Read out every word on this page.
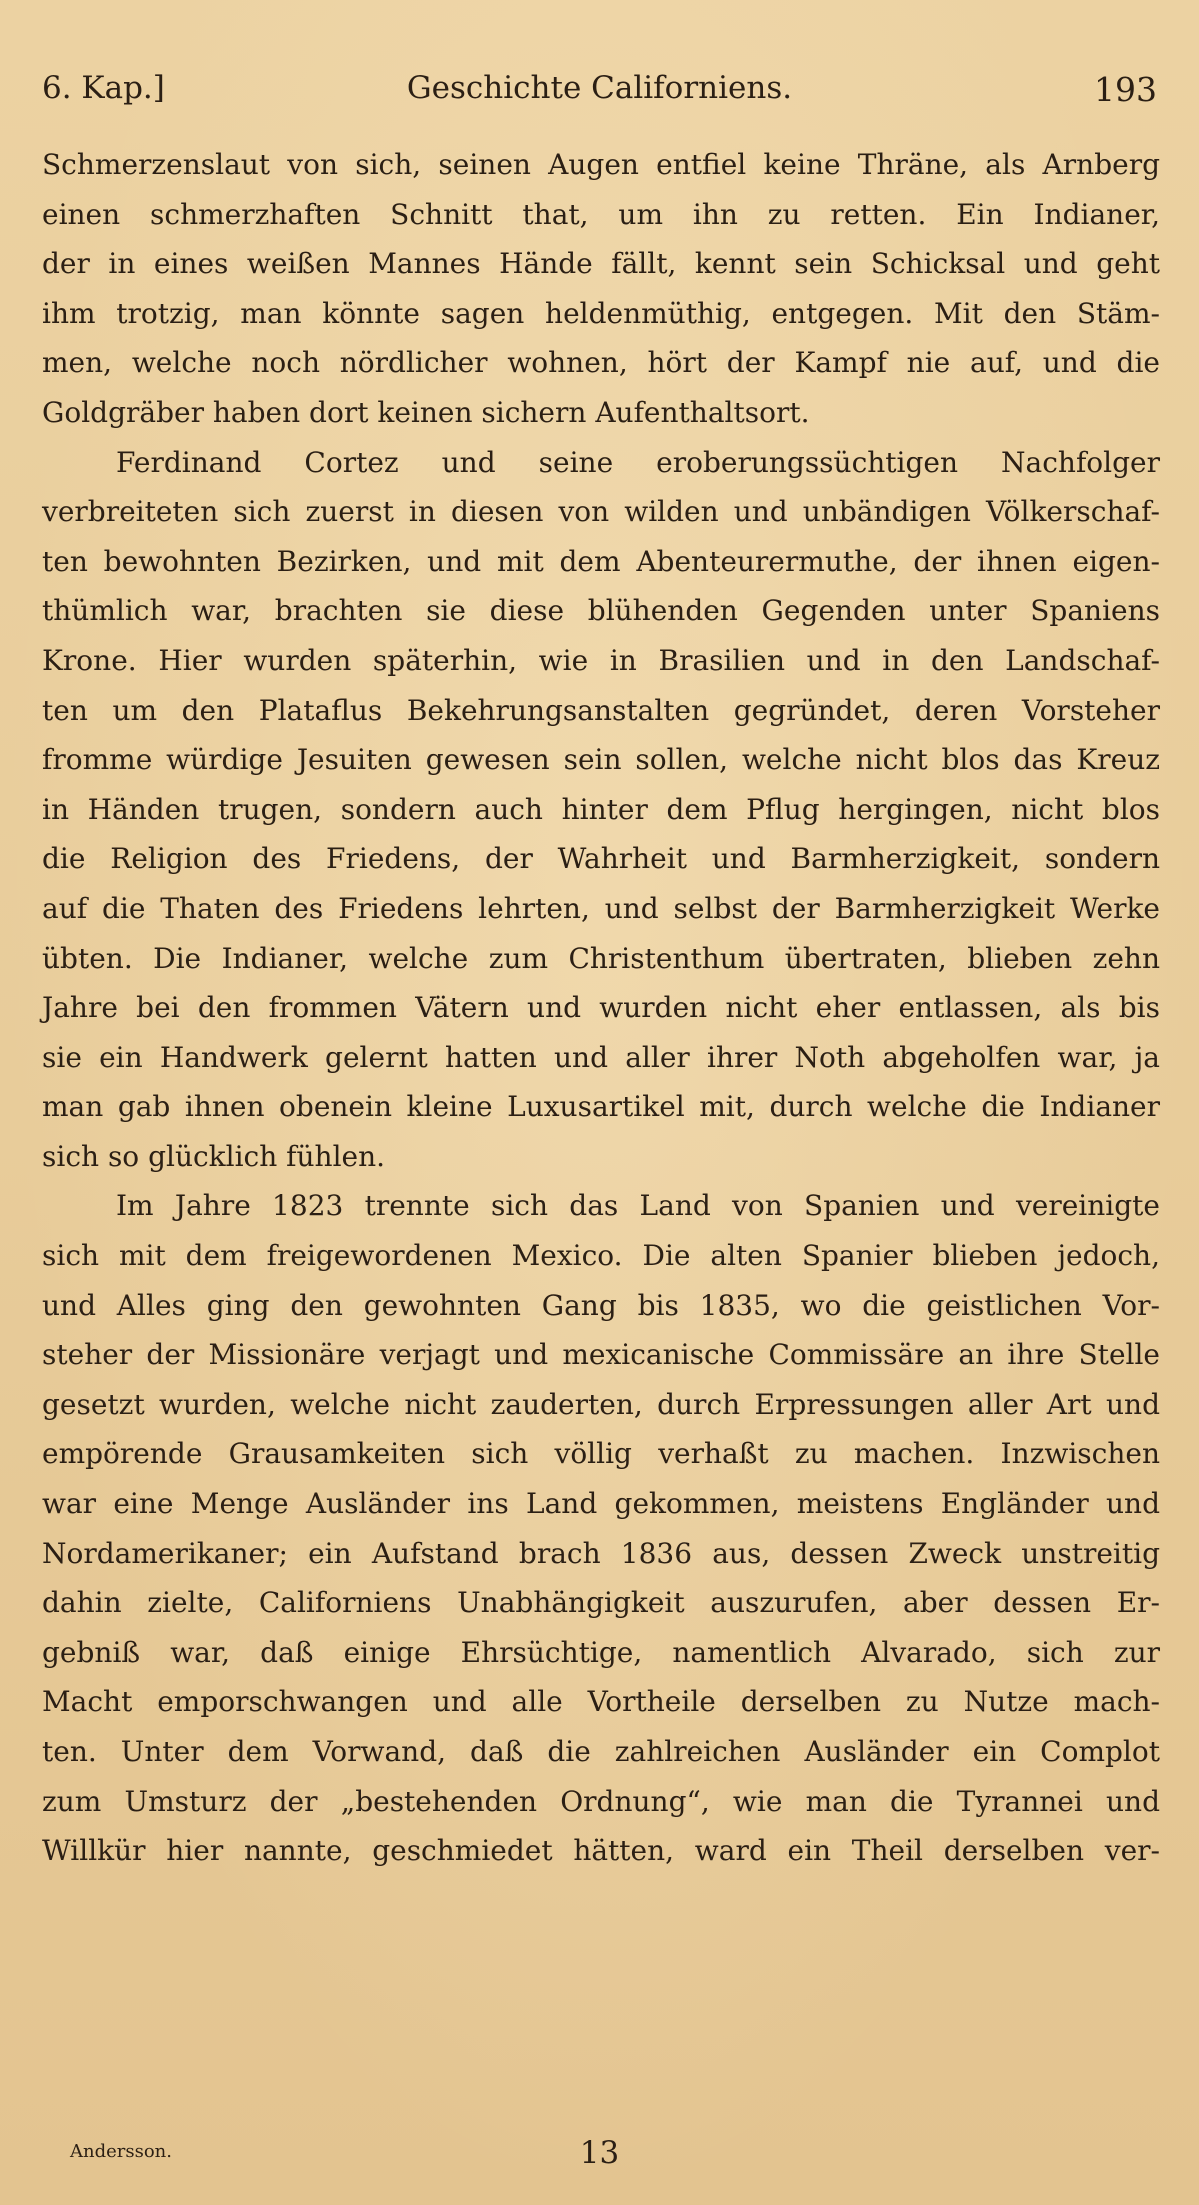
6. Kap.]	Geschichte Californiens.	193
Schmerzenslaut von sich, seinen Augen entfiel keine Thräne, als Arnberg
einen schmerzhaften Schnitt that, um ihn zu retten. Ein Indianer,
der in eines weißen Mannes Hände fällt, kennt sein Schicksal und geht
ihm trotzig, man könnte sagen heldenmüthig, entgegen. Mit den Stäm-
men, welche noch nördlicher wohnen, hört der Kampf nie auf, und die
Goldgräber haben dort keinen sichern Aufenthaltsort.
Ferdinand Cortez und seine eroberungssüchtigen Nachfolger
verbreiteten sich zuerst in diesen von wilden und unbändigen Völkerschaf-
ten bewohnten Bezirken, und mit dem Abenteurermuthe, der ihnen eigen-
thümlich war, brachten sie diese blühenden Gegenden unter Spaniens
Krone. Hier wurden späterhin, wie in Brasilien und in den Landschaf-
ten um den Plataflus Bekehrungsanstalten gegründet, deren Vorsteher
fromme würdige Jesuiten gewesen sein sollen, welche nicht blos das Kreuz
in Händen trugen, sondern auch hinter dem Pflug hergingen, nicht blos
die Religion des Friedens, der Wahrheit und Barmherzigkeit, sondern
auf die Thaten des Friedens lehrten, und selbst der Barmherzigkeit Werke
übten. Die Indianer, welche zum Christenthum übertraten, blieben zehn
Jahre bei den frommen Vätern und wurden nicht eher entlassen, als bis
sie ein Handwerk gelernt hatten und aller ihrer Noth abgeholfen war, ja
man gab ihnen obenein kleine Luxusartikel mit, durch welche die Indianer
sich so glücklich fühlen.
Im Jahre 1823 trennte sich das Land von Spanien und vereinigte
sich mit dem freigewordenen Mexico. Die alten Spanier blieben jedoch,
und Alles ging den gewohnten Gang bis 1835, wo die geistlichen Vor-
steher der Missionäre verjagt und mexicanische Commissäre an ihre Stelle
gesetzt wurden, welche nicht zauderten, durch Erpressungen aller Art und
empörende Grausamkeiten sich völlig verhaßt zu machen. Inzwischen
war eine Menge Ausländer ins Land gekommen, meistens Engländer und
Nordamerikaner; ein Aufstand brach 1836 aus, dessen Zweck unstreitig
dahin zielte, Californiens Unabhängigkeit auszurufen, aber dessen Er-
gebniß war, daß einige Ehrsüchtige, namentlich Alvarado, sich zur
Macht emporschwangen und alle Vortheile derselben zu Nutze mach-
ten. Unter dem Vorwand, daß die zahlreichen Ausländer ein Complot
zum Umsturz der „bestehenden Ordnung“, wie man die Tyrannei und
Willkür hier nannte, geschmiedet hätten, ward ein Theil derselben ver-
Andersson.	13
